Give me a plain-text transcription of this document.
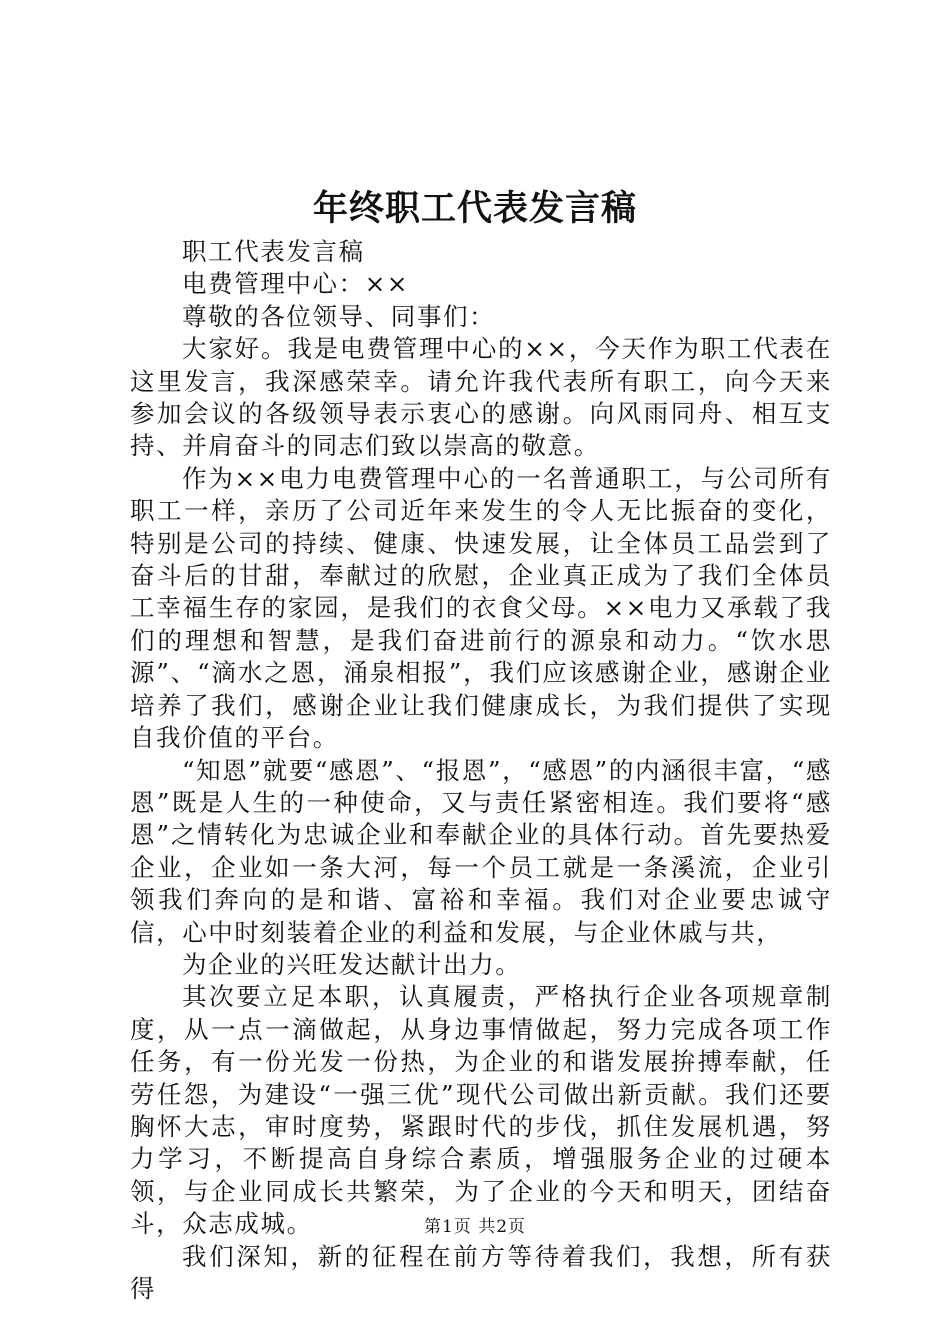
年终职工代表发言稿

职工代表发言稿

电费管理中心：××

尊敬的各位领导、同事们：

大家好。我是电费管理中心的××，今天作为职工代表在这里发言，我深感荣幸。请允许我代表所有职工，向今天来参加会议的各级领导表示衷心的感谢。向风雨同舟、相互支持、并肩奋斗的同志们致以崇高的敬意。

作为××电力电费管理中心的一名普通职工，与公司所有职工一样，亲历了公司近年来发生的令人无比振奋的变化，特别是公司的持续、健康、快速发展，让全体员工品尝到了奋斗后的甘甜，奉献过的欣慰，企业真正成为了我们全体员工幸福生存的家园，是我们的衣食父母。××电力又承载了我们的理想和智慧，是我们奋进前行的源泉和动力。“饮水思源”、“滴水之恩，涌泉相报”，我们应该感谢企业，感谢企业培养了我们，感谢企业让我们健康成长，为我们提供了实现自我价值的平台。

“知恩”就要“感恩”、“报恩”，“感恩”的内涵很丰富，“感恩”既是人生的一种使命，又与责任紧密相连。我们要将“感恩”之情转化为忠诚企业和奉献企业的具体行动。首先要热爱企业，企业如一条大河，每一个员工就是一条溪流，企业引领我们奔向的是和谐、富裕和幸福。我们对企业要忠诚守信，心中时刻装着企业的利益和发展，与企业休戚与共，

为企业的兴旺发达献计出力。

其次要立足本职，认真履责，严格执行企业各项规章制度，从一点一滴做起，从身边事情做起，努力完成各项工作任务，有一份光发一份热，为企业的和谐发展拚搏奉献，任劳任怨，为建设“一强三优”现代公司做出新贡献。我们还要胸怀大志，审时度势，紧跟时代的步伐，抓住发展机遇，努力学习，不断提高自身综合素质，增强服务企业的过硬本领，与企业同成长共繁荣，为了企业的今天和明天，团结奋斗，众志成城。

我们深知，新的征程在前方等待着我们，我想，所有获得

第1页 共2页
